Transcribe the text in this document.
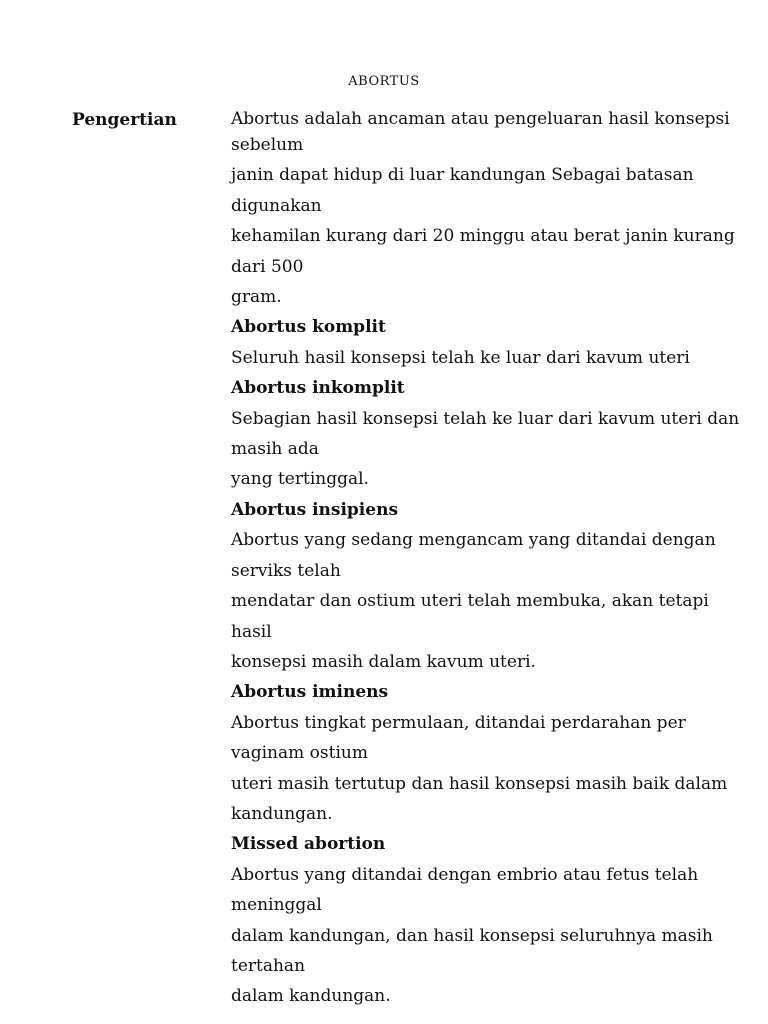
ABORTUS
Pengertian	Abortus adalah ancaman atau pengeluaran hasil konsepsi
sebelum
janin dapat hidup di luar kandungan Sebagai batasan
digunakan
kehamilan kurang dari 20 minggu atau berat janin kurang
dari 500
gram.
Abortus komplit
Seluruh hasil konsepsi telah ke luar dari kavum uteri
Abortus inkomplit
Sebagian hasil konsepsi telah ke luar dari kavum uteri dan
masih ada
yang tertinggal.
Abortus insipiens
Abortus yang sedang mengancam yang ditandai dengan
serviks telah
mendatar dan ostium uteri telah membuka, akan tetapi
hasil
konsepsi masih dalam kavum uteri.
Abortus iminens
Abortus tingkat permulaan, ditandai perdarahan per
vaginam ostium
uteri masih tertutup dan hasil konsepsi masih baik dalam
kandungan.
Missed abortion
Abortus yang ditandai dengan embrio atau fetus telah
meninggal
dalam kandungan, dan hasil konsepsi seluruhnya masih
tertahan
dalam kandungan.
